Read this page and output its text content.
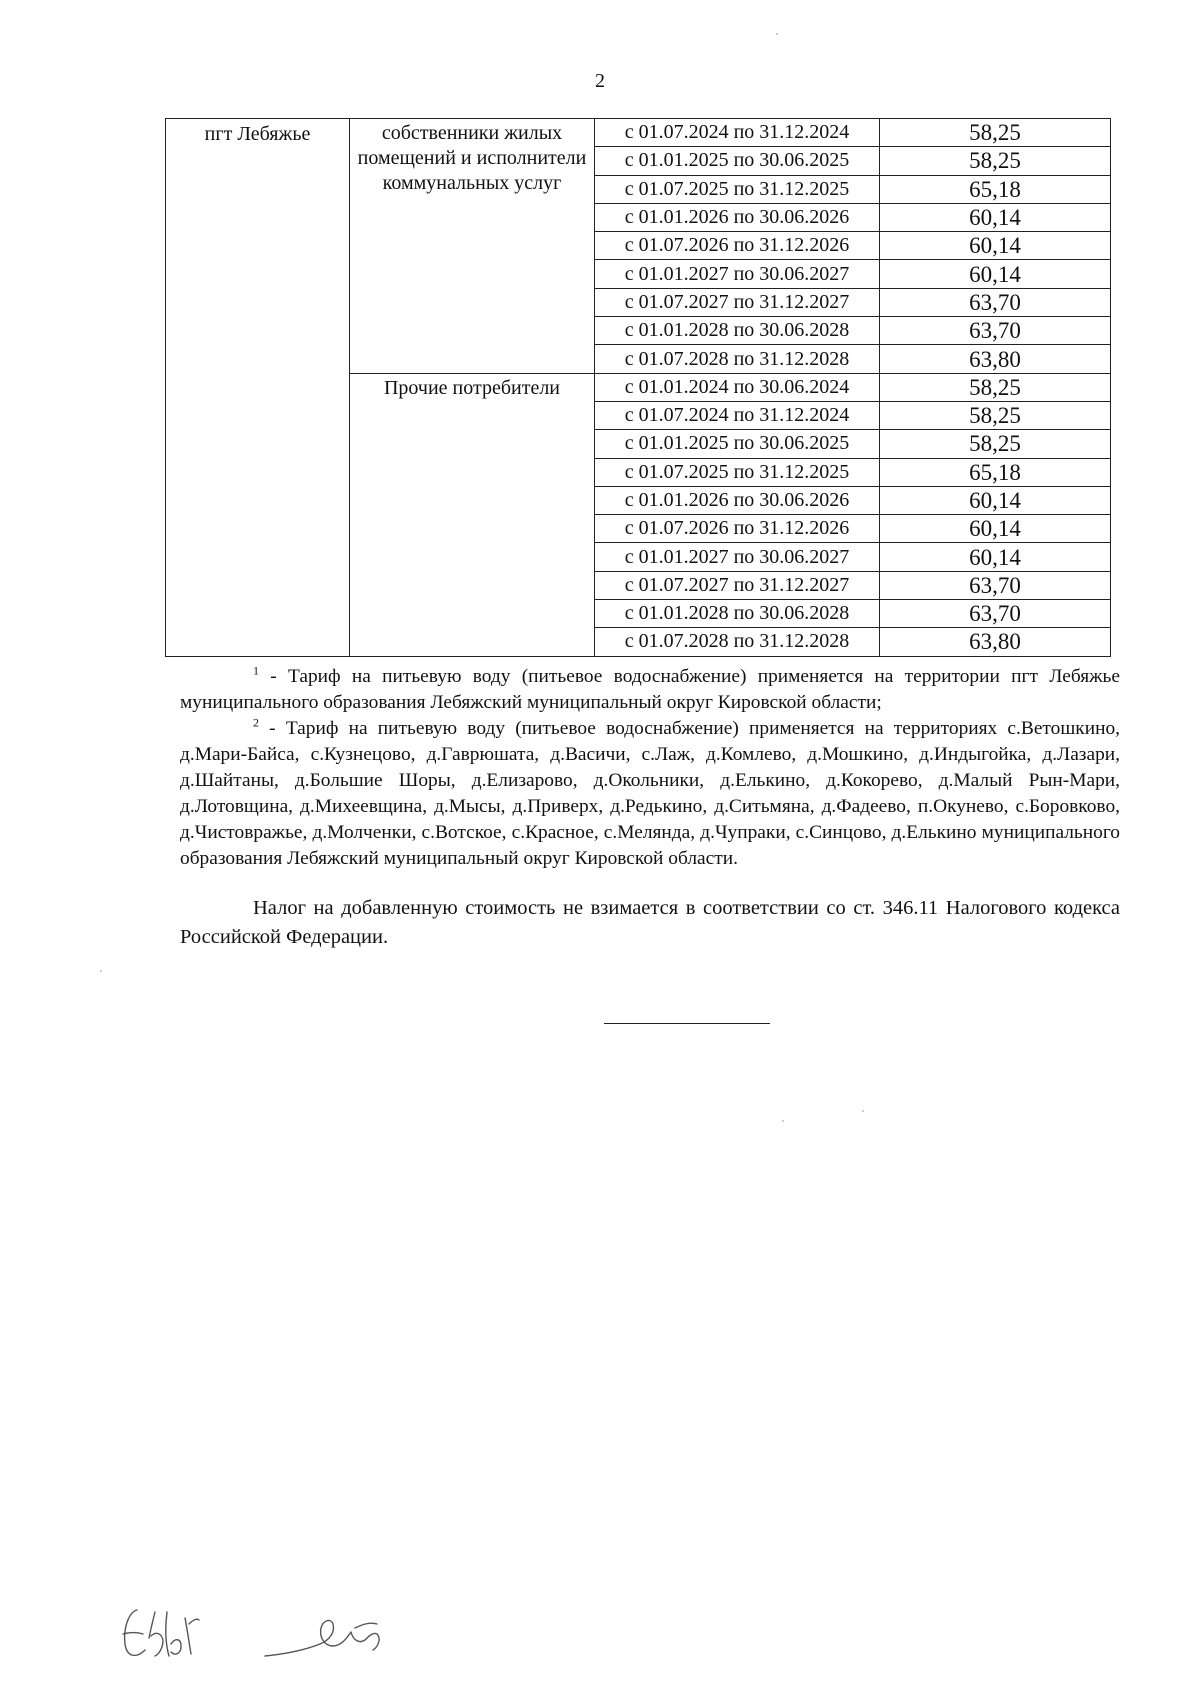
2
пгт Лебяжье	собственники жилых помещений и исполнители коммунальных услуг	с 01.07.2024 по 31.12.2024	58,25
		с 01.01.2025 по 30.06.2025	58,25
		с 01.07.2025 по 31.12.2025	65,18
		с 01.01.2026 по 30.06.2026	60,14
		с 01.07.2026 по 31.12.2026	60,14
		с 01.01.2027 по 30.06.2027	60,14
		с 01.07.2027 по 31.12.2027	63,70
		с 01.01.2028 по 30.06.2028	63,70
		с 01.07.2028 по 31.12.2028	63,80
	Прочие потребители	с 01.01.2024 по 30.06.2024	58,25
		с 01.07.2024 по 31.12.2024	58,25
		с 01.01.2025 по 30.06.2025	58,25
		с 01.07.2025 по 31.12.2025	65,18
		с 01.01.2026 по 30.06.2026	60,14
		с 01.07.2026 по 31.12.2026	60,14
		с 01.01.2027 по 30.06.2027	60,14
		с 01.07.2027 по 31.12.2027	63,70
		с 01.01.2028 по 30.06.2028	63,70
		с 01.07.2028 по 31.12.2028	63,80

$^1$ - Тариф на питьевую воду (питьевое водоснабжение) применяется на территории пгт Лебяжье муниципального образования Лебяжский муниципальный округ Кировской области;

$^2$ - Тариф на питьевую воду (питьевое водоснабжение) применяется на территориях с.Ветошкино, д.Мари-Байса, с.Кузнецово, д.Гаврюшата, д.Васичи, с.Лаж, д.Комлево, д.Мошкино, д.Индыгойка, д.Лазари, д.Шайтаны, д.Большие Шоры, д.Елизарово, д.Окольники, д.Елькино, д.Кокорево, д.Малый Рын-Мари, д.Лотовщина, д.Михеевщина, д.Мысы, д.Приверх, д.Редькино, д.Ситьмяна, д.Фадеево, п.Окунево, с.Боровково, д.Чистовражье, д.Молченки, с.Вотское, с.Красное, с.Мелянда, д.Чупраки, с.Синцово, д.Елькино муниципального образования Лебяжский муниципальный округ Кировской области.

Налог на добавленную стоимость не взимается в соответствии со ст. 346.11 Налогового кодекса Российской Федерации.
